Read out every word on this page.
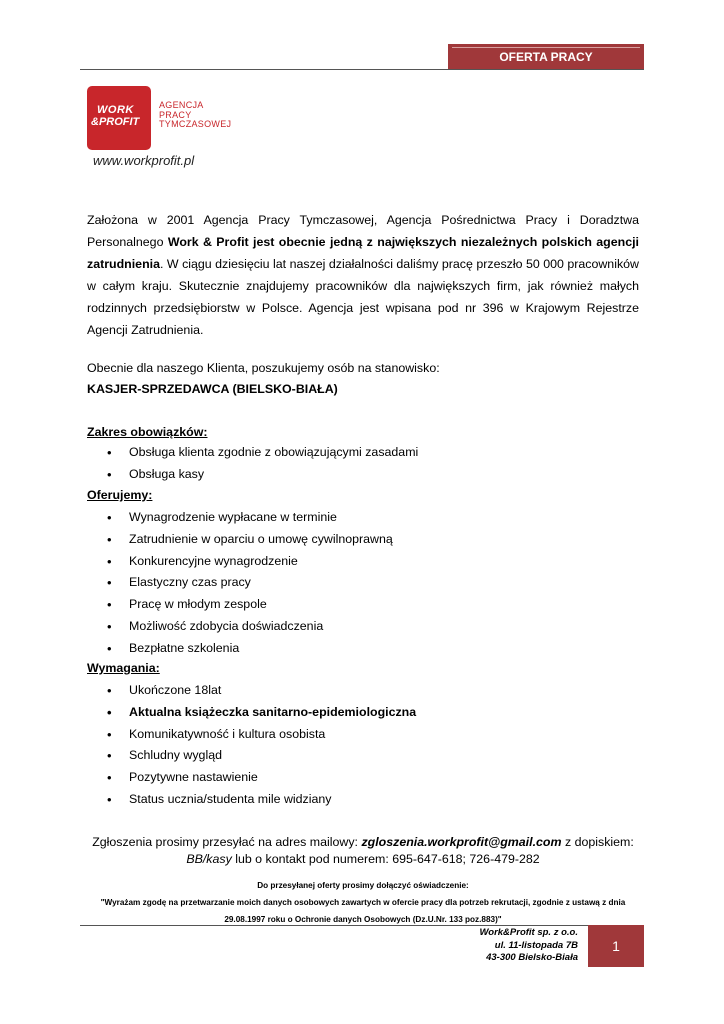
OFERTA PRACY
WORK
&PROFIT
AGENCJA
PRACY
TYMCZASOWEJ
www.workprofit.pl

Założona w 2001 Agencja Pracy Tymczasowej, Agencja Pośrednictwa Pracy i Doradztwa Personalnego Work & Profit jest obecnie jedną z największych niezależnych polskich agencji zatrudnienia. W ciągu dziesięciu lat naszej działalności daliśmy pracę przeszło 50 000 pracowników w całym kraju. Skutecznie znajdujemy pracowników dla największych firm, jak również małych rodzinnych przedsiębiorstw w Polsce. Agencja jest wpisana pod nr 396 w Krajowym Rejestrze Agencji Zatrudnienia.

Obecnie dla naszego Klienta, poszukujemy osób na stanowisko:

KASJER-SPRZEDAWCA (BIELSKO-BIAŁA)

Zakres obowiązków:

• Obsługa klienta zgodnie z obowiązującymi zasadami
• Obsługa kasy

Oferujemy:

• Wynagrodzenie wypłacane w terminie
• Zatrudnienie w oparciu o umowę cywilnoprawną
• Konkurencyjne wynagrodzenie
• Elastyczny czas pracy
• Pracę w młodym zespole
• Możliwość zdobycia doświadczenia
• Bezpłatne szkolenia

Wymagania:

• Ukończone 18lat
• Aktualna książeczka sanitarno-epidemiologiczna
• Komunikatywność i kultura osobista
• Schludny wygląd
• Pozytywne nastawienie
• Status ucznia/studenta mile widziany

Zgłoszenia prosimy przesyłać na adres mailowy: zgloszenia.workprofit@gmail.com z dopiskiem:
BB/kasy lub o kontakt pod numerem: 695-647-618; 726-479-282

Do przesyłanej oferty prosimy dołączyć oświadczenie:
"Wyrażam zgodę na przetwarzanie moich danych osobowych zawartych w ofercie pracy dla potrzeb rekrutacji, zgodnie z ustawą z dnia
29.08.1997 roku o Ochronie danych Osobowych (Dz.U.Nr. 133 poz.883)"

Work&Profit sp. z o.o.
ul. 11-listopada 7B
43-300 Bielsko-Biała
1
